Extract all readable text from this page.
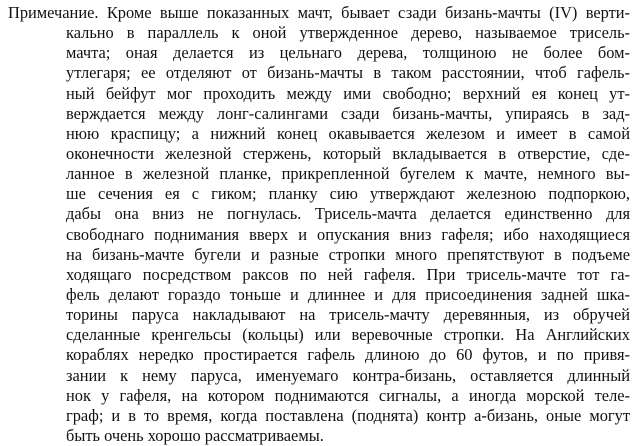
Примечание. Кроме выше показанных мачт, бывает сзади бизань-мачты (IV) верти-
кально в параллель к оной утвержденное дерево, называемое трисель-
мачта; оная делается из цельнаго дерева, толщиною не более бом-
утлегаря; ее отделяют от бизань-мачты в таком расстоянии, чтоб гафель-
ный бейфут мог проходить между ими свободно; верхний ея конец ут-
верждается между лонг-салингами сзади бизань-мачты, упираясь в зад-
нюю краспицу; а нижний конец окавывается железом и имеет в самой
оконечности железной стержень, который вкладывается в отверстие, сде-
ланное в железной планке, прикрепленной бугелем к мачте, немного вы-
ше сечения ея с гиком; планку сию утверждают железною подпоркою,
дабы она вниз не погнулась. Трисель-мачта делается единственно для
свободнаго поднимания вверх и опускания вниз гафеля; ибо находящиеся
на бизань-мачте бугели и разные стропки много препятствуют в подъеме
ходящаго посредством раксов по ней гафеля. При трисель-мачте тот га-
фель делают гораздо тоньше и длиннее и для присоединения задней шка-
торины паруса накладывают на трисель-мачту деревянныя, из обручей
сделанные кренгельсы (кольцы) или веревочные стропки. На Английских
кораблях нередко простирается гафель длиною до 60 футов, и по привя-
зании к нему паруса, именуемаго контра-бизань, оставляется длинный
нок у гафеля, на котором поднимаются сигналы, а иногда морской теле-
граф; и в то время, когда поставлена (поднята) контр а-бизань, оные могут
быть очень хорошо рассматриваемы.
